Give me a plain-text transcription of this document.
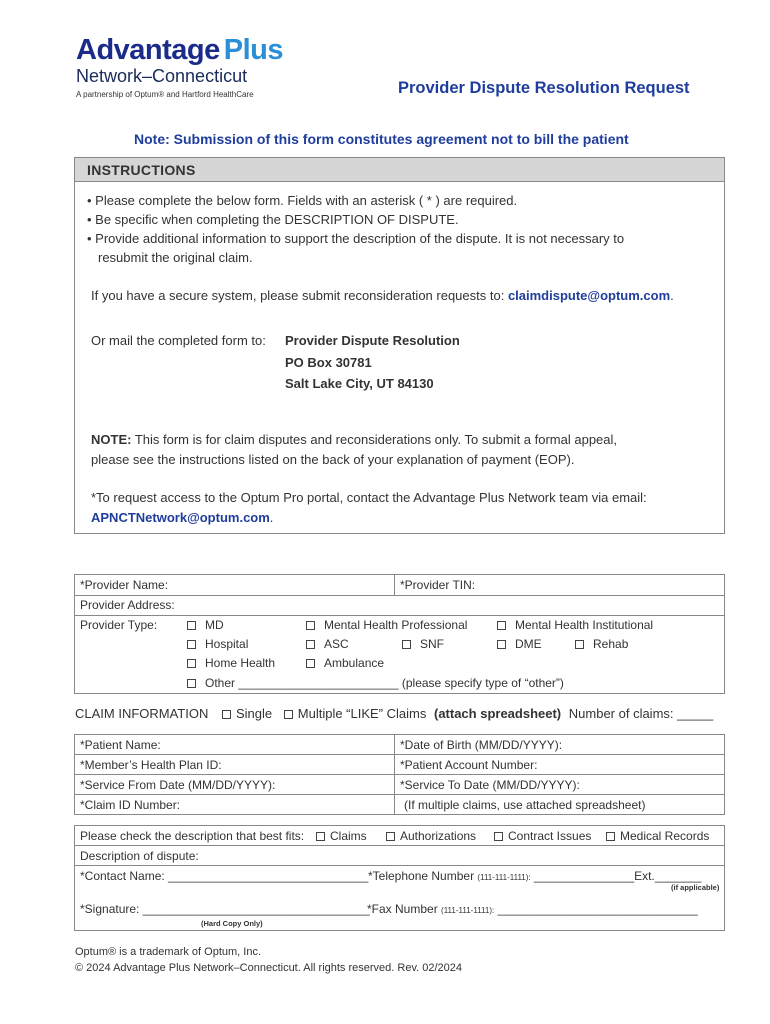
Advantage Plus
Network–Connecticut
A partnership of Optum® and Hartford HealthCare	Provider Dispute Resolution Request
Note: Submission of this form constitutes agreement not to bill the patient
INSTRUCTIONS
• Please complete the below form. Fields with an asterisk ( * ) are required.
• Be specific when completing the DESCRIPTION OF DISPUTE.
• Provide additional information to support the description of the dispute. It is not necessary to
resubmit the original claim.
If you have a secure system, please submit reconsideration requests to: claimdispute@optum.com.
Or mail the completed form to: Provider Dispute Resolution
PO Box 30781
Salt Lake City, UT 84130
NOTE: This form is for claim disputes and reconsiderations only. To submit a formal appeal,
please see the instructions listed on the back of your explanation of payment (EOP).
*To request access to the Optum Pro portal, contact the Advantage Plus Network team via email:
APNCTNetwork@optum.com.
*Provider Name:	*Provider TIN:
Provider Address:
Provider Type:	MD	Mental Health Professional	Mental Health Institutional
Hospital	ASC	SNF	DME	Rehab
Home Health	Ambulance
Other ________________________ (please specify type of “other”)
CLAIM INFORMATION Single Multiple “LIKE” Claims (attach spreadsheet) Number of claims: _____
*Patient Name:	*Date of Birth (MM/DD/YYYY):
*Member’s Health Plan ID:	*Patient Account Number:
*Service From Date (MM/DD/YYYY):	*Service To Date (MM/DD/YYYY):
*Claim ID Number:	(If multiple claims, use attached spreadsheet)
Please check the description that best fits:	Claims	Authorizations	Contract Issues	Medical Records
Description of dispute:
*Contact Name: ______________________________ *Telephone Number (111-111-1111): _______________Ext._______
(if applicable)
*Signature: __________________________________
*Fax Number (111-111-1111): ______________________________
(Hard Copy Only)
Optum® is a trademark of Optum, Inc.
© 2024 Advantage Plus Network–Connecticut. All rights reserved. Rev. 02/2024
